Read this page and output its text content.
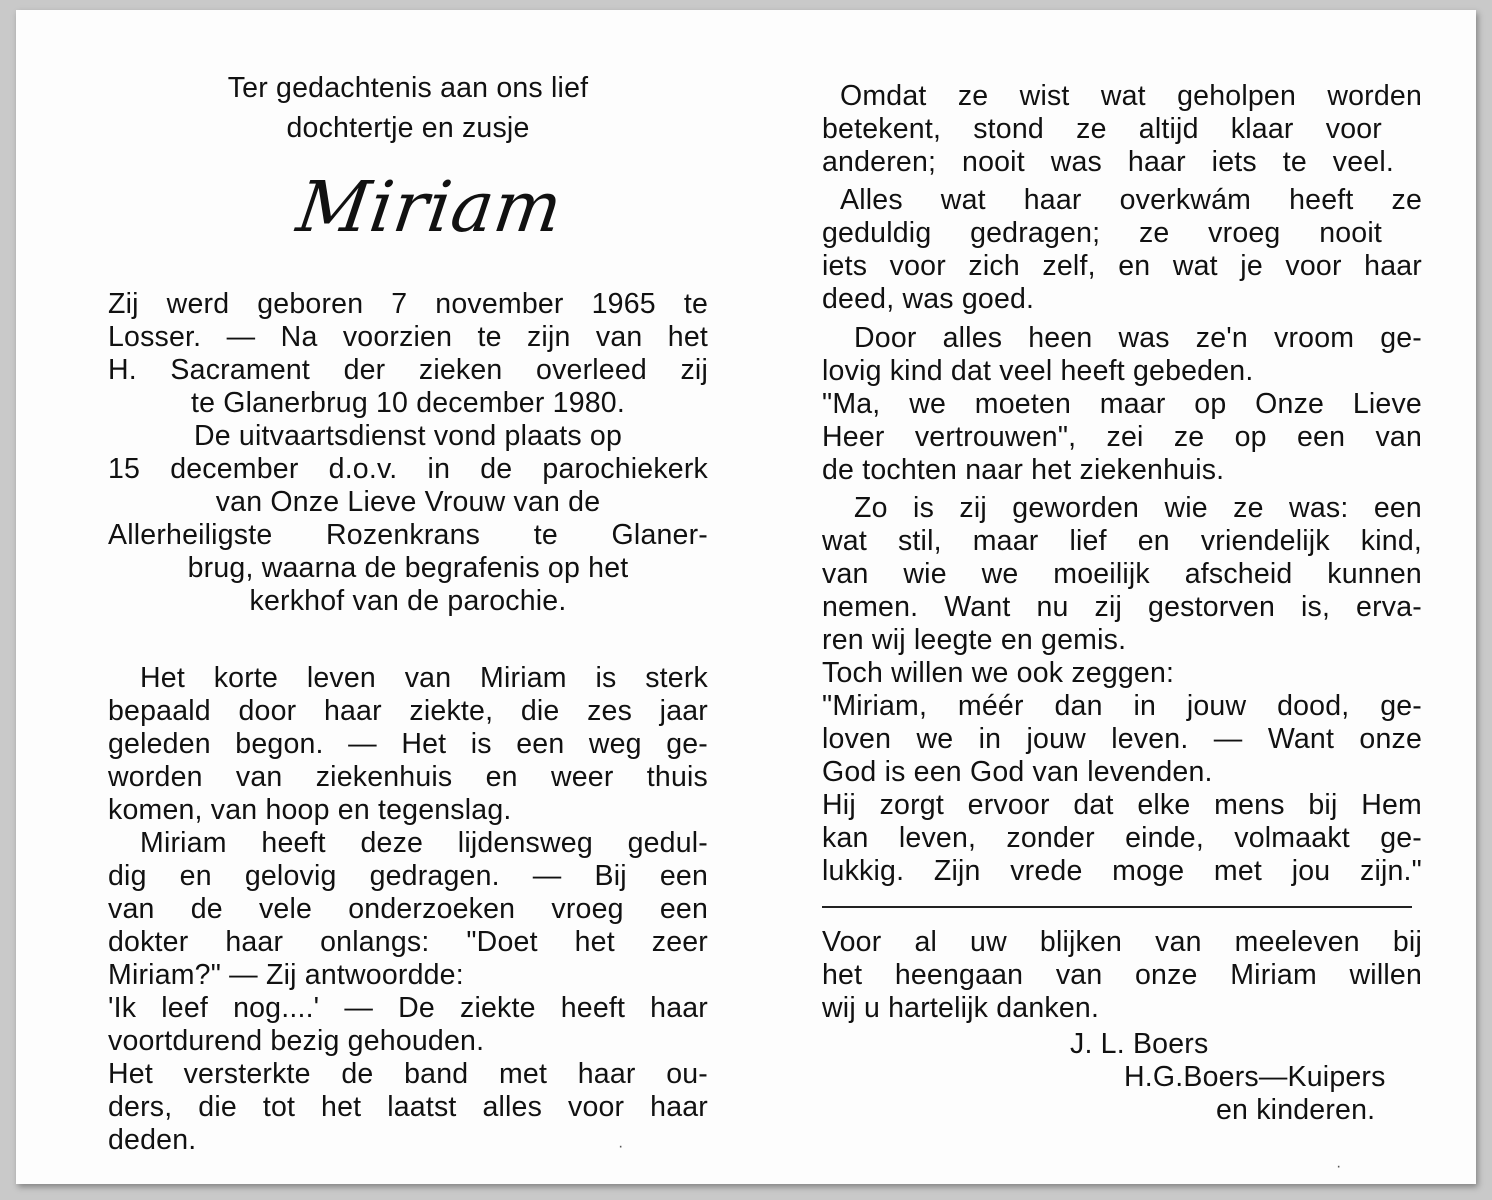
Ter gedachtenis aan ons lief
dochtertje en zusje
Miriam
Zij werd geboren 7 november 1965 te
Losser. — Na voorzien te zijn van het
H. Sacrament der zieken overleed zij
te Glanerbrug 10 december 1980.
De uitvaartsdienst vond plaats op
15 december d.o.v. in de parochiekerk
van Onze Lieve Vrouw van de
Allerheiligste Rozenkrans te Glaner-
brug, waarna de begrafenis op het
kerkhof van de parochie.
Het korte leven van Miriam is sterk
bepaald door haar ziekte, die zes jaar
geleden begon. — Het is een weg ge-
worden van ziekenhuis en weer thuis
komen, van hoop en tegenslag.
Miriam heeft deze lijdensweg gedul-
dig en gelovig gedragen. — Bij een
van de vele onderzoeken vroeg een
dokter haar onlangs: "Doet het zeer
Miriam?" — Zij antwoordde:
'Ik leef nog....' — De ziekte heeft haar
voortdurend bezig gehouden.
Het versterkte de band met haar ou-
ders, die tot het laatst alles voor haar
deden.
Omdat ze wist wat geholpen worden
betekent, stond ze altijd klaar voor
anderen; nooit was haar iets te veel.
Alles wat haar overkwám heeft ze
geduldig gedragen; ze vroeg nooit
iets voor zich zelf, en wat je voor haar
deed, was goed.
Door alles heen was ze'n vroom ge-
lovig kind dat veel heeft gebeden.
"Ma, we moeten maar op Onze Lieve
Heer vertrouwen", zei ze op een van
de tochten naar het ziekenhuis.
Zo is zij geworden wie ze was: een
wat stil, maar lief en vriendelijk kind,
van wie we moeilijk afscheid kunnen
nemen. Want nu zij gestorven is, erva-
ren wij leegte en gemis.
Toch willen we ook zeggen:
"Miriam, méér dan in jouw dood, ge-
loven we in jouw leven. — Want onze
God is een God van levenden.
Hij zorgt ervoor dat elke mens bij Hem
kan leven, zonder einde, volmaakt ge-
lukkig. Zijn vrede moge met jou zijn."
Voor al uw blijken van meeleven bij
het heengaan van onze Miriam willen
wij u hartelijk danken.
J. L. Boers
H.G.Boers—Kuipers
en kinderen.
·
·
